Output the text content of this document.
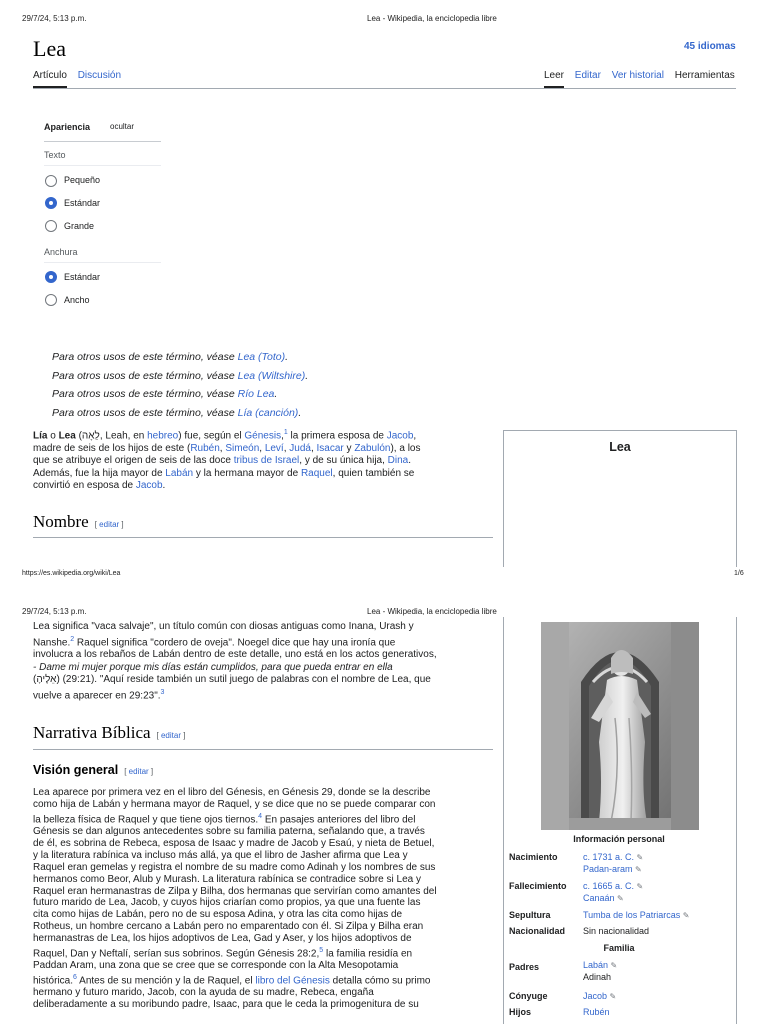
29/7/24, 5:13 p.m.	Lea - Wikipedia, la enciclopedia libre
Lea	45 idiomas
Artículo Discusión	Leer Editar Ver historial Herramientas
Apariencia ocultar
Texto
Pequeño
Estándar
Grande
Anchura
Estándar
Ancho
Para otros usos de este término, véase Lea (Toto).
Para otros usos de este término, véase Lea (Wiltshire).
Para otros usos de este término, véase Río Lea.
Para otros usos de este término, véase Lía (canción).
Lía o Lea (לֵאָה, Leah, en hebreo) fue, según el Génesis,$^1$ la primera esposa de Jacob,
madre de seis de los hijos de este (Rubén, Simeón, Leví, Judá, Isacar y Zabulón), a los
que se atribuye el origen de seis de las doce tribus de Israel, y de su única hija, Dina.
Además, fue la hija mayor de Labán y la hermana mayor de Raquel, quien también se
convirtió en esposa de Jacob.
Lea
Nombre [ editar ]
https://es.wikipedia.org/wiki/Lea	1/6
29/7/24, 5:13 p.m.	Lea - Wikipedia, la enciclopedia libre
Lea significa "vaca salvaje", un título común con diosas antiguas como Inana, Urash y
Nanshe.$^2$ Raquel significa "cordero de oveja". Noegel dice que hay una ironía que
involucra a los rebaños de Labán dentro de este detalle, uno está en los actos generativos,
- Dame mi mujer porque mis días están cumplidos, para que pueda entrar en ella
(אֵלֶיהָ) (29:21). "Aquí reside también un sutil juego de palabras con el nombre de Lea, que
vuelve a aparecer en 29:23".$^3$
Narrativa Bíblica [ editar ]
Visión general [ editar ]
Lea aparece por primera vez en el libro del Génesis, en Génesis 29, donde se la describe
como hija de Labán y hermana mayor de Raquel, y se dice que no se puede comparar con
la belleza física de Raquel y que tiene ojos tiernos.$^4$ En pasajes anteriores del libro del
Génesis se dan algunos antecedentes sobre su familia paterna, señalando que, a través
de él, es sobrina de Rebeca, esposa de Isaac y madre de Jacob y Esaú, y nieta de Betuel,
y la literatura rabínica va incluso más allá, ya que el libro de Jasher afirma que Lea y
Raquel eran gemelas y registra el nombre de su madre como Adinah y los nombres de sus
hermanos como Beor, Alub y Murash. La literatura rabínica se contradice sobre si Lea y
Raquel eran hermanastras de Zilpa y Bilha, dos hermanas que servirían como amantes del
futuro marido de Lea, Jacob, y cuyos hijos criarían como propios, ya que una fuente las
cita como hijas de Labán, pero no de su esposa Adina, y otra las cita como hijas de
Rotheus, un hombre cercano a Labán pero no emparentado con él. Si Zilpa y Bilha eran
hermanastras de Lea, los hijos adoptivos de Lea, Gad y Aser, y los hijos adoptivos de
Raquel, Dan y Neftalí, serían sus sobrinos. Según Génesis 28:2,$^5$ la familia residía en
Paddan Aram, una zona que se cree que se corresponde con la Alta Mesopotamia
histórica.$^6$ Antes de su mención y la de Raquel, el libro del Génesis detalla cómo su primo
hermano y futuro marido, Jacob, con la ayuda de su madre, Rebeca, engaña
deliberadamente a su moribundo padre, Isaac, para que le ceda la primogenitura de su
Información personal
Nacimiento	c. 1731 a. C. ✎
Padan-aram ✎
Fallecimiento c. 1665 a. C. ✎
Canaán ✎
Sepultura	Tumba de los Patriarcas ✎
Nacionalidad Sin nacionalidad
Familia
Padres	Labán ✎
Adinah
Cónyuge	Jacob ✎
Hijos	Rubén
